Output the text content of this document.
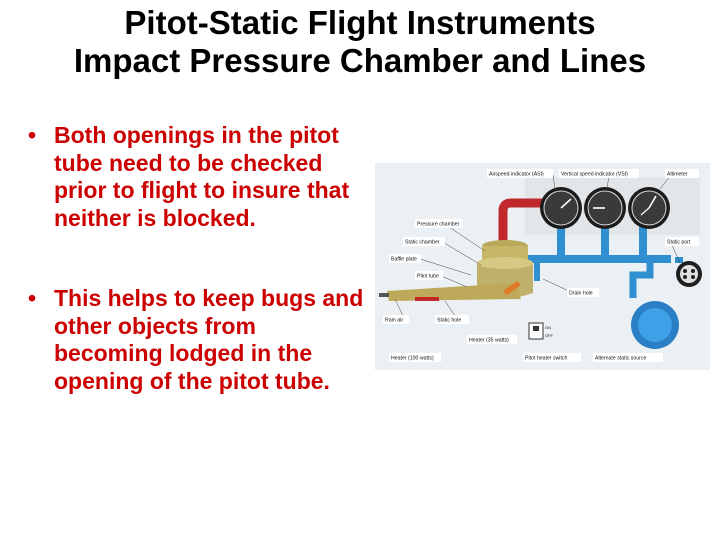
Pitot-Static Flight Instruments
Impact Pressure Chamber and Lines
• Both openings in the pitot tube need to be checked prior to flight to insure that neither is blocked.
• This helps to keep bugs and other objects from becoming lodged in the opening of the pitot tube.
Airspeed indicator (ASI)	Vertical speed indicator (VSI)	Altimeter
Pressure chamber
Static chamber
Baffle plate
Pitot tube
Static port
Drain hole
Ram air	Static hole
Heater (35 watts)
Heater (100 watts)	Pitot heater switch	Alternate static source
ON
OFF
